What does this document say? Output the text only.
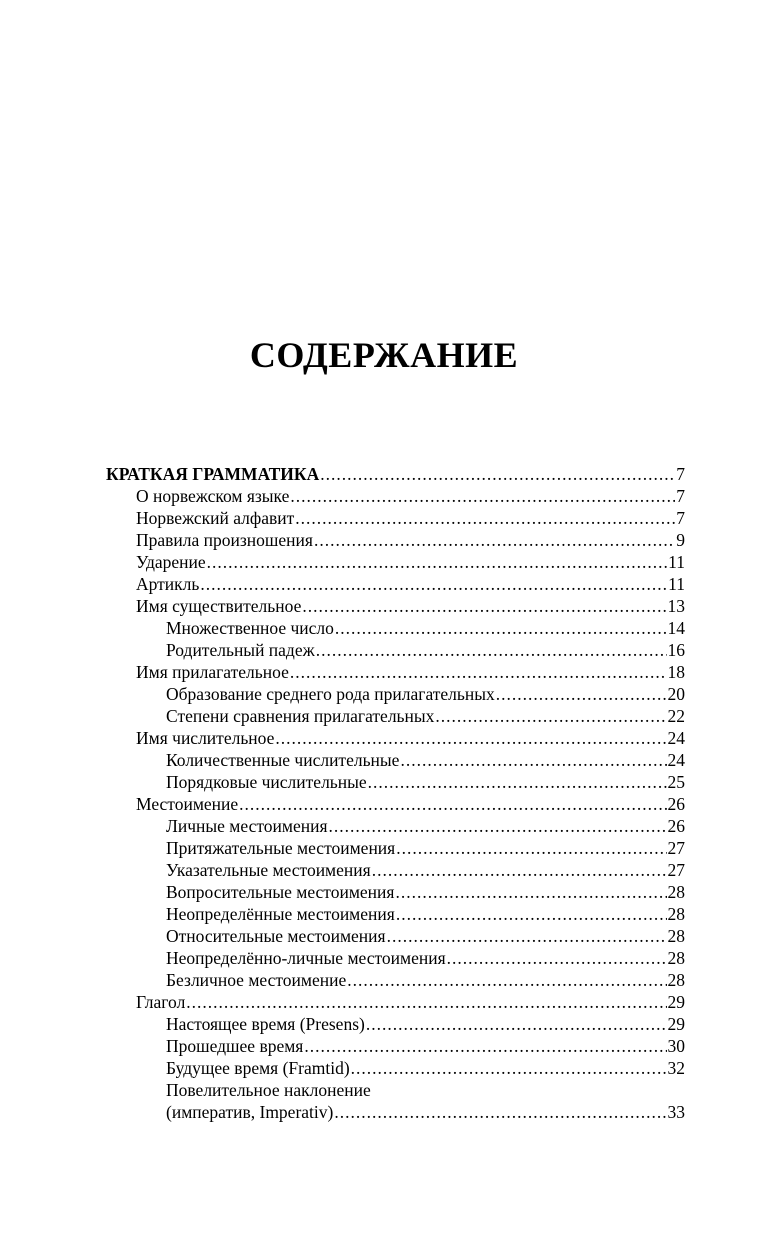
СОДЕРЖАНИЕ
КРАТКАЯ ГРАММАТИКА .....	7
О норвежском языке .....	7
Норвежский алфавит .....	7
Правила произношения .....	9
Ударение .....	11
Артикль .....	11
Имя существительное .....	13
Множественное число .....	14
Родительный падеж .....	16
Имя прилагательное .....	18
Образование среднего рода прилагательных .....	20
Степени сравнения прилагательных .....	22
Имя числительное .....	24
Количественные числительные .....	24
Порядковые числительные .....	25
Местоимение .....	26
Личные местоимения .....	26
Притяжательные местоимения .....	27
Указательные местоимения .....	27
Вопросительные местоимения .....	28
Неопределённые местоимения .....	28
Относительные местоимения .....	28
Неопределённо-личные местоимения .....	28
Безличное местоимение .....	28
Глагол .....	29
Настоящее время (Presens) .....	29
Прошедшее время .....	30
Будущее время (Framtid) .....	32
Повелительное наклонение
(императив, Imperativ) .....	33
